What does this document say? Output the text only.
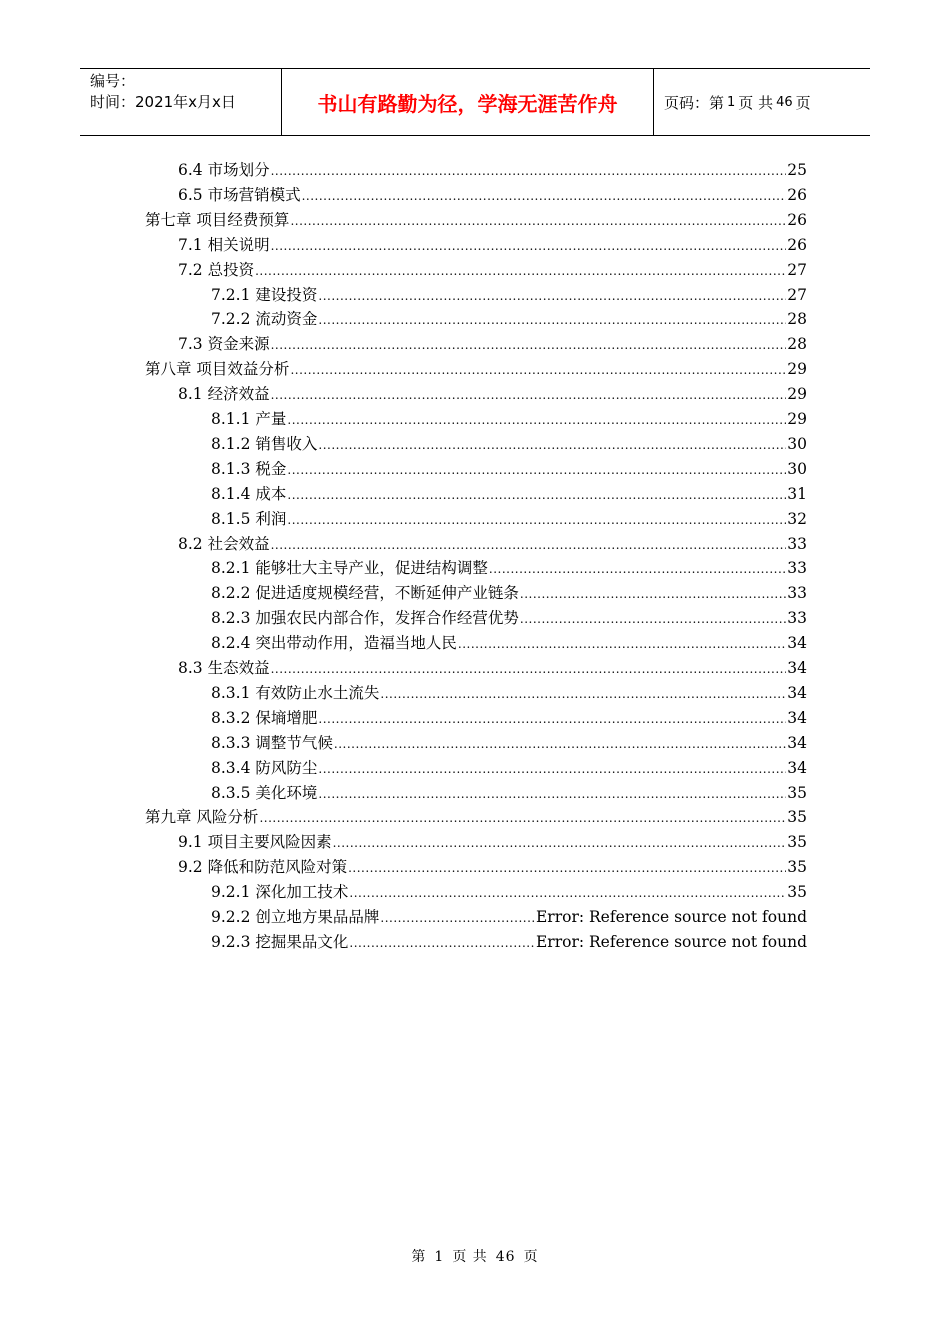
编号：
时间：2021年x月x日	书山有路勤为径，学海无涯苦作舟	页码：第 1 页 共 46 页
6.4 市场划分 .....	25
6.5 市场营销模式 .....	26
第七章 项目经费预算 .....	26
7.1 相关说明 .....	26
7.2 总投资 .....	27
7.2.1 建设投资 .....	27
7.2.2 流动资金 .....	28
7.3 资金来源 .....	28
第八章 项目效益分析 .....	29
8.1 经济效益 .....	29
8.1.1 产量 .....	29
8.1.2 销售收入 .....	30
8.1.3 税金 .....	30
8.1.4 成本 .....	31
8.1.5 利润 .....	32
8.2 社会效益 .....	33
8.2.1 能够壮大主导产业，促进结构调整 .....	33
8.2.2 促进适度规模经营，不断延伸产业链条 .....	33
8.2.3 加强农民内部合作，发挥合作经营优势 .....	33
8.2.4 突出带动作用，造福当地人民 .....	34
8.3 生态效益 .....	34
8.3.1 有效防止水土流失 .....	34
8.3.2 保墒增肥 .....	34
8.3.3 调整节气候 .....	34
8.3.4 防风防尘 .....	34
8.3.5 美化环境 .....	35
第九章 风险分析 .....	35
9.1 项目主要风险因素 .....	35
9.2 降低和防范风险对策 .....	35
9.2.1 深化加工技术 .....	35
9.2.2 创立地方果品品牌 .....	Error: Reference source not found
9.2.3 挖掘果品文化 .....	Error: Reference source not found
第 1 页 共 46 页
